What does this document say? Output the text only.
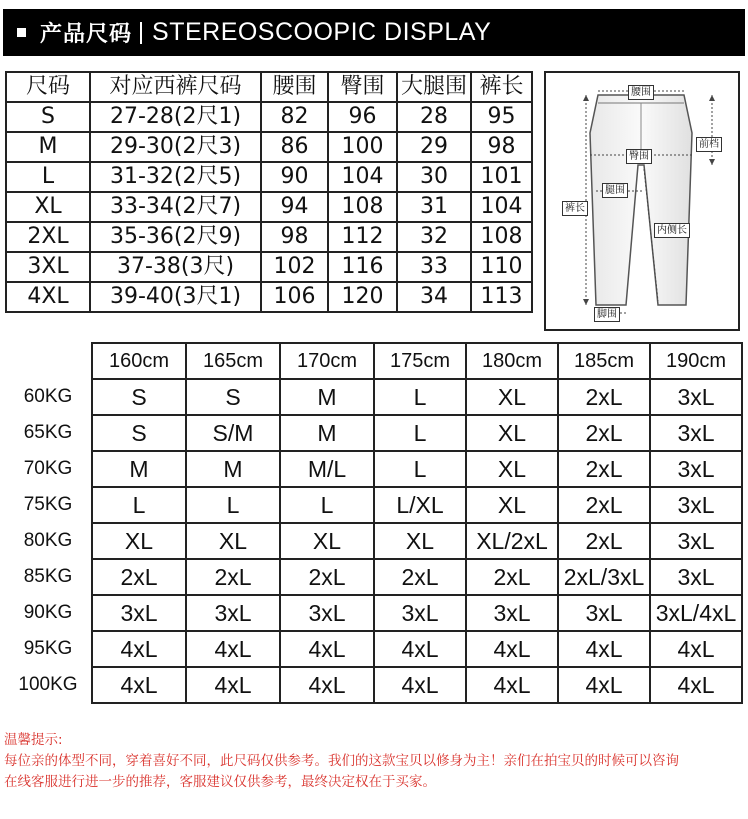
产品尺码 STEREOSCOOPIC DISPLAY
尺码	对应西裤尺码	腰围	臀围	大腿围	裤长
S	27-28(2尺1)	82	96	28	95
M	29-30(2尺3)	86	100	29	98
L	31-32(2尺5)	90	104	30	101
XL	33-34(2尺7)	94	108	31	104
2XL	35-36(2尺9)	98	112	32	108
3XL	37-38(3尺)	102	116	33	110
4XL	39-40(3尺1)	106	120	34	113
腰围
前档
臀围
腿围
裤长
内侧长
脚围
	160cm	165cm	170cm	175cm	180cm	185cm	190cm
60KG	S	S	M	L	XL	2xL	3xL
65KG	S	S/M	M	L	XL	2xL	3xL
70KG	M	M	M/L	L	XL	2xL	3xL
75KG	L	L	L	L/XL	XL	2xL	3xL
80KG	XL	XL	XL	XL	XL/2xL	2xL	3xL
85KG	2xL	2xL	2xL	2xL	2xL	2xL/3xL	3xL
90KG	3xL	3xL	3xL	3xL	3xL	3xL	3xL/4xL
95KG	4xL	4xL	4xL	4xL	4xL	4xL	4xL
100KG	4xL	4xL	4xL	4xL	4xL	4xL	4xL
温馨提示:
每位亲的体型不同，穿着喜好不同，此尺码仅供参考。我们的这款宝贝以修身为主！亲们在拍宝贝的时候可以咨询
在线客服进行进一步的推荐，客服建议仅供参考，最终决定权在于买家。
